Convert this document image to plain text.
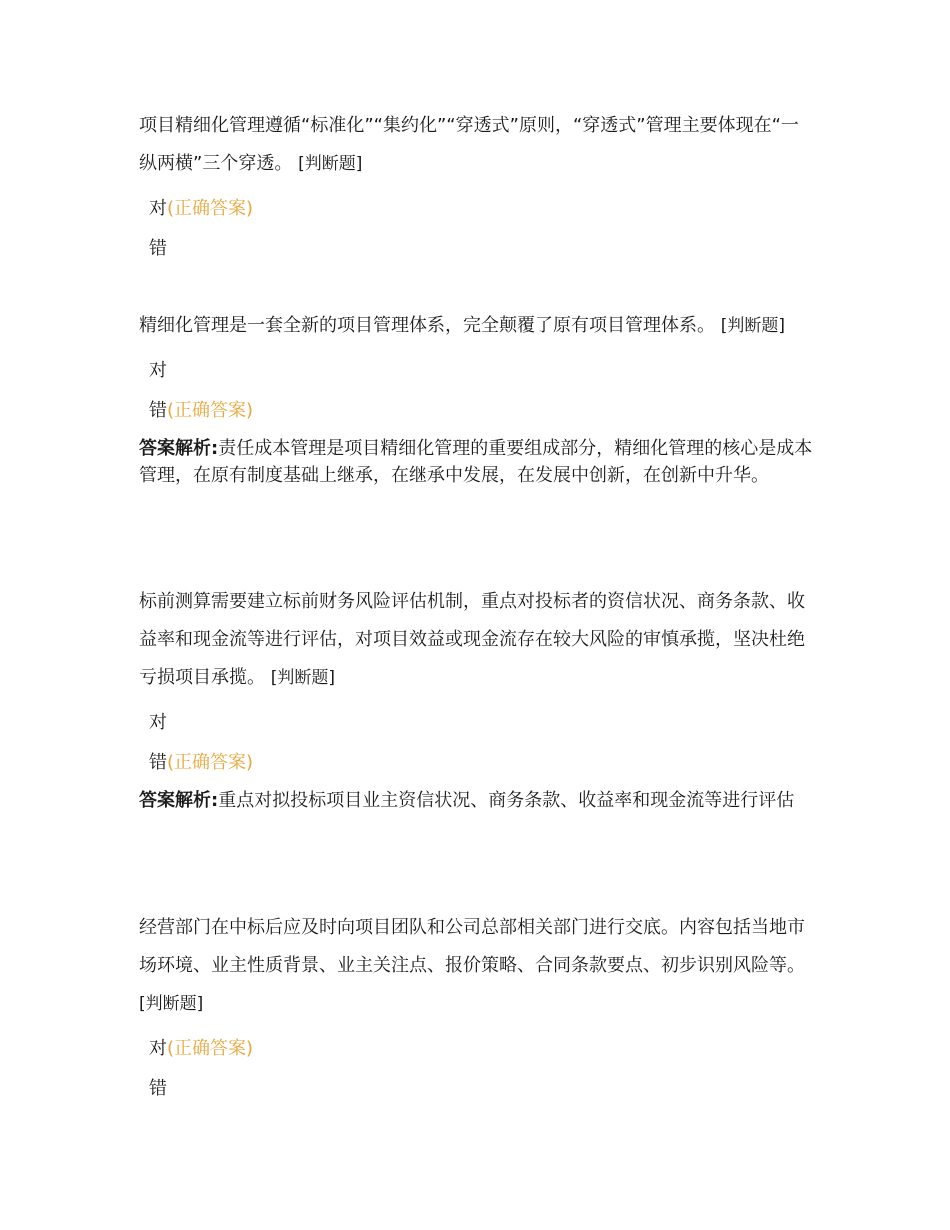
项目精细化管理遵循“标准化”“集约化”“穿透式”原则，“穿透式”管理主要体现在“一纵两横”三个穿透。 [判断题]

对 (正确答案)
错

精细化管理是一套全新的项目管理体系，完全颠覆了原有项目管理体系。 [判断题]

对
错 (正确答案)
答案解析:责任成本管理是项目精细化管理的重要组成部分，精细化管理的核心是成本管理，在原有制度基础上继承，在继承中发展，在发展中创新，在创新中升华。

标前测算需要建立标前财务风险评估机制，重点对投标者的资信状况、商务条款、收益率和现金流等进行评估，对项目效益或现金流存在较大风险的审慎承揽，坚决杜绝亏损项目承揽。 [判断题]

对
错 (正确答案)
答案解析:重点对拟投标项目业主资信状况、商务条款、收益率和现金流等进行评估

经营部门在中标后应及时向项目团队和公司总部相关部门进行交底。内容包括当地市场环境、业主性质背景、业主关注点、报价策略、合同条款要点、初步识别风险等。 [判断题]

对 (正确答案)
错
